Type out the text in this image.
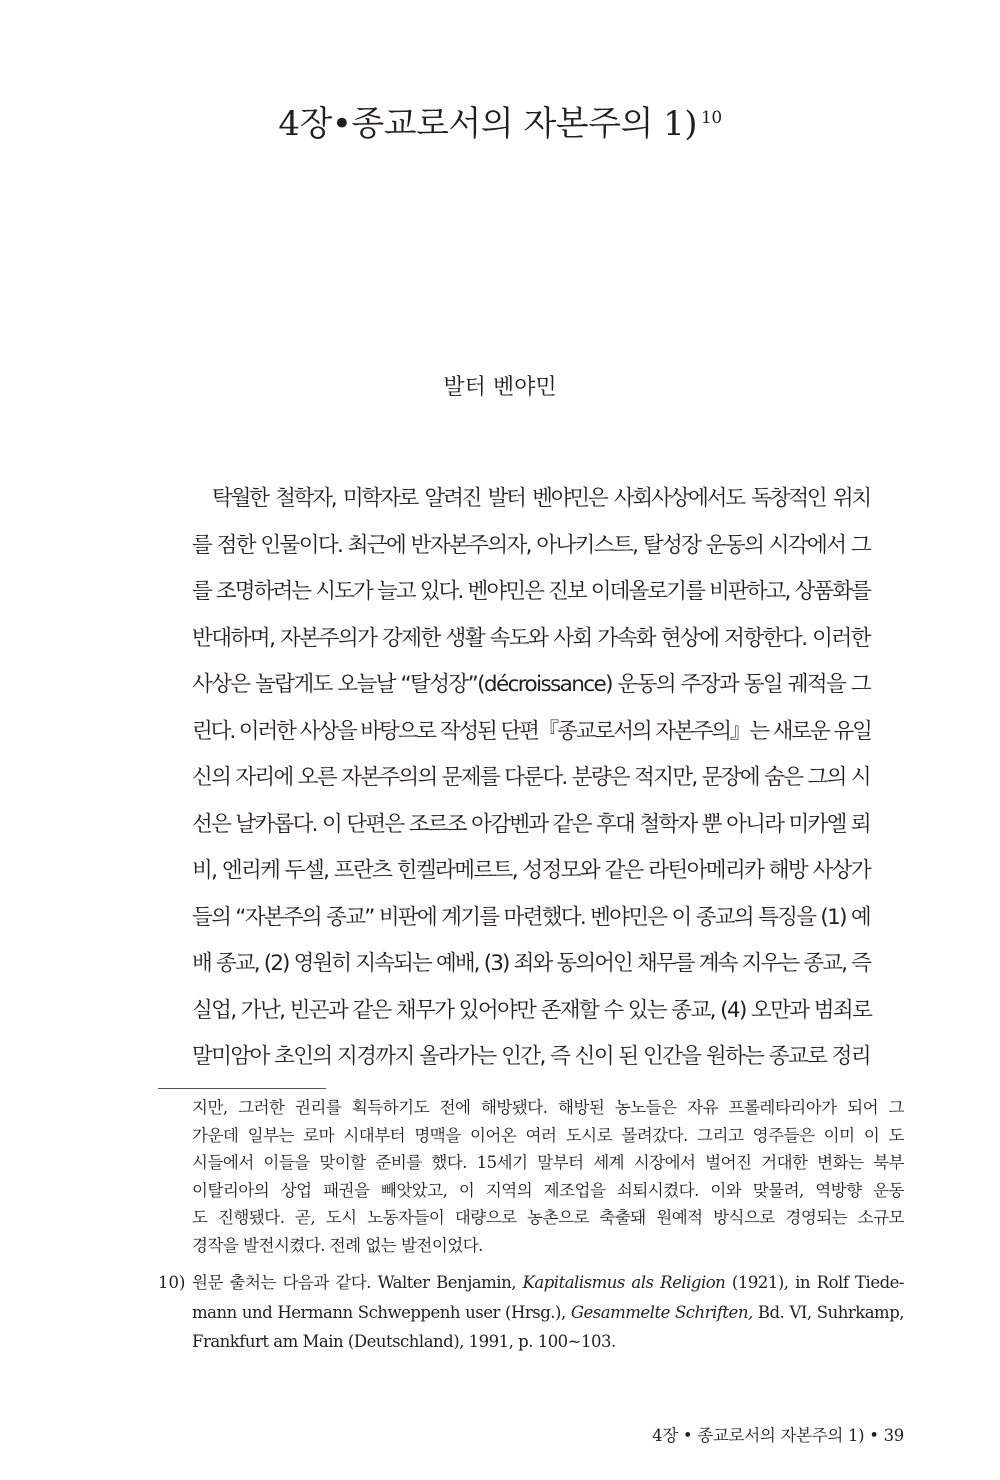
4장•종교로서의 자본주의 1) $^{10}$

발터 벤야민

탁월한 철학자, 미학자로 알려진 발터 벤야민은 사회사상에서도 독창적인 위치
를 점한 인물이다. 최근에 반자본주의자, 아나키스트, 탈성장 운동의 시각에서 그
를 조명하려는 시도가 늘고 있다. 벤야민은 진보 이데올로기를 비판하고, 상품화를
반대하며, 자본주의가 강제한 생활 속도와 사회 가속화 현상에 저항한다. 이러한
사상은 놀랍게도 오늘날 “탈성장”(décroissance) 운동의 주장과 동일 궤적을 그
린다. 이러한 사상을 바탕으로 작성된 단편『종교로서의 자본주의』는 새로운 유일
신의 자리에 오른 자본주의의 문제를 다룬다. 분량은 적지만, 문장에 숨은 그의 시
선은 날카롭다. 이 단편은 조르조 아감벤과 같은 후대 철학자 뿐 아니라 미카엘 뢰
비, 엔리케 두셀, 프란츠 힌켈라메르트, 성정모와 같은 라틴아메리카 해방 사상가
들의 “자본주의 종교” 비판에 계기를 마련했다. 벤야민은 이 종교의 특징을 (1) 예
배 종교, (2) 영원히 지속되는 예배, (3) 죄와 동의어인 채무를 계속 지우는 종교, 즉
실업, 가난, 빈곤과 같은 채무가 있어야만 존재할 수 있는 종교, (4) 오만과 범죄로
말미암아 초인의 지경까지 올라가는 인간, 즉 신이 된 인간을 원하는 종교로 정리
지만, 그러한 권리를 획득하기도 전에 해방됐다. 해방된 농노들은 자유 프롤레타리아가 되어 그
가운데 일부는 로마 시대부터 명맥을 이어온 여러 도시로 몰려갔다. 그리고 영주들은 이미 이 도
시들에서 이들을 맞이할 준비를 했다. 15세기 말부터 세계 시장에서 벌어진 거대한 변화는 북부
이탈리아의 상업 패권을 빼앗았고, 이 지역의 제조업을 쇠퇴시켰다. 이와 맞물려, 역방향 운동
도 진행됐다. 곧, 도시 노동자들이 대량으로 농촌으로 축출돼 원예적 방식으로 경영되는 소규모
경작을 발전시켰다. 전례 없는 발전이었다.
10) 원문 출처는 다음과 같다. Walter Benjamin, Kapitalismus als Religion (1921), in Rolf Tiede-
mann und Hermann Schweppenh user (Hrsg.), Gesammelte Schriften, Bd. VI, Suhrkamp,
Frankfurt am Main (Deutschland), 1991, p. 100~103.
4장 • 종교로서의 자본주의 1) • 39
